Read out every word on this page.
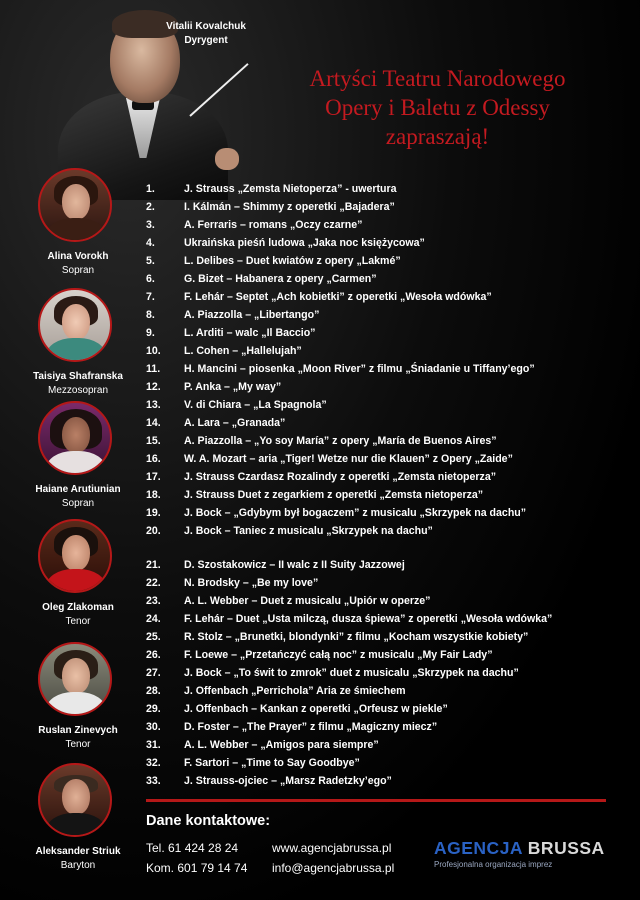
Vitalii Kovalchuk
Dyrygent
Artyści Teatru Narodowego
Opery i Baletu z Odessy
zapraszają!
Alina Vorokh
Sopran
Taisiya Shafranska
Mezzosopran
Haiane Arutiunian
Sopran
Oleg Zlakoman
Tenor
Ruslan Zinevych
Tenor
Aleksander Striuk
Baryton
1.	J. Strauss „Zemsta Nietoperza” - uwertura
2.	I. Kálmán – Shimmy z operetki „Bajadera”
3.	A. Ferraris – romans „Oczy czarne”
4.	Ukraińska pieśń ludowa „Jaka noc księżycowa”
5.	L. Delibes – Duet kwiatów z opery „Lakmé”
6.	G. Bizet – Habanera z opery „Carmen”
7.	F. Lehár – Septet „Ach kobietki” z operetki „Wesoła wdówka”
8.	A. Piazzolla – „Libertango”
9.	L. Arditi – walc „Il Baccio”
10.	L. Cohen – „Hallelujah”
11.	H. Mancini – piosenka „Moon River” z filmu „Śniadanie u Tiffany’ego”
12.	P. Anka – „My way”
13.	V. di Chiara – „La Spagnola”
14.	A. Lara – „Granada”
15.	A. Piazzolla – „Yo soy María” z opery „María de Buenos Aires”
16.	W. A. Mozart – aria „Tiger! Wetze nur die Klauen” z Opery „Zaide”
17.	J. Strauss Czardasz Rozalindy z operetki „Zemsta nietoperza”
18.	J. Strauss Duet z zegarkiem z operetki „Zemsta nietoperza”
19.	J. Bock – „Gdybym był bogaczem” z musicalu „Skrzypek na dachu”
20.	J. Bock – Taniec z musicalu „Skrzypek na dachu”
21.	D. Szostakowicz – II walc z II Suity Jazzowej
22.	N. Brodsky – „Be my love”
23.	A. L. Webber – Duet z musicalu „Upiór w operze”
24.	F. Lehár – Duet „Usta milczą, dusza śpiewa” z operetki „Wesoła wdówka”
25.	R. Stolz – „Brunetki, blondynki” z filmu „Kocham wszystkie kobiety”
26.	F. Loewe – „Przetańczyć całą noc” z musicalu „My Fair Lady”
27.	J. Bock – „To świt to zmrok” duet z musicalu „Skrzypek na dachu”
28.	J. Offenbach „Perrichola” Aria ze śmiechem
29.	J. Offenbach – Kankan z operetki „Orfeusz w piekle”
30.	D. Foster – „The Prayer” z filmu „Magiczny miecz”
31.	A. L. Webber – „Amigos para siempre”
32.	F. Sartori – „Time to Say Goodbye”
33.	J. Strauss-ojciec – „Marsz Radetzky’ego”
Dane kontaktowe:
Tel. 61 424 28 24
Kom. 601 79 14 74
www.agencjabrussa.pl
info@agencjabrussa.pl
AGENCJA BRUSSA
Profesjonalna organizacja imprez
